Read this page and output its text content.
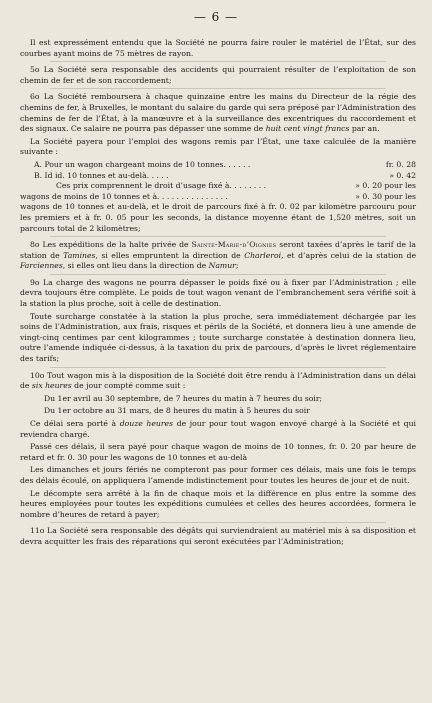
— 6 —

Il est expressément entendu que la Société ne pourra faire rouler le matériel de l’État, sur des courbes ayant moins de 75 mètres de rayon.

5o La Société sera responsable des accidents qui pourraient résulter de l’exploitation de son chemin de fer et de son raccordement;

6o La Société remboursera à chaque quinzaine entre les mains du Directeur de la régie des chemins de fer, à Bruxelles, le montant du salaire du garde qui sera préposé par l’Administration des chemins de fer de l’État, à la manœuvre et à la surveillance des excentriques du raccordement et des signaux. Ce salaire ne pourra pas dépasser une somme de huit cent vingt francs par an.

La Société payera pour l’emploi des wagons remis par l’État, une taxe calculée de la manière suivante :

A. Pour un wagon chargeant moins de 10 tonnes. . . . . .	fr. 0. 28
B. Id id. 10 tonnes et au-delà. . . . .	» 0. 42
Ces prix comprennent le droit d’usage fixé à. . . . . . . .	» 0. 20 pour les
wagons de moins de 10 tonnes et à. . . . . . . . . . . . . . .	» 0. 30 pour les

wagons de 10 tonnes et au-delà, et le droit de parcours fixé à fr. 0. 02 par kilomètre parcouru pour les premiers et à fr. 0. 05 pour les seconds, la distance moyenne étant de 1,520 mètres, soit un parcours total de 2 kilomètres;

8o Les expéditions de la halte privée de Sainte-Marie-d’Oignies seront taxées d’après le tarif de la station de Tamines, si elles empruntent la direction de Charleroi, et d’après celui de la station de Farciennes, si elles ont lieu dans la direction de Namur;

9o La charge des wagons ne pourra dépasser le poids fixé ou à fixer par l’Administration ; elle devra toujours être complète. Le poids de tout wagon venant de l’embranchement sera vérifié soit à la station la plus proche, soit à celle de destination.

Toute surcharge constatée à la station la plus proche, sera immédiatement déchargée par les soins de l’Administration, aux frais, risques et périls de la Société, et donnera lieu à une amende de vingt-cinq centimes par cent kilogrammes ; toute surcharge constatée à destination donnera lieu, outre l’amende indiquée ci-dessus, à la taxation du prix de parcours, d’après le livret réglementaire des tarifs;

10o Tout wagon mis à la disposition de la Société doit être rendu à l’Administration dans un délai de six heures de jour compté comme suit :

Du 1er avril au 30 septembre, de 7 heures du matin à 7 heures du soir;

Du 1er octobre au 31 mars, de 8 heures du matin à 5 heures du soir

Ce délai sera porté à douze heures de jour pour tout wagon envoyé chargé à la Société et qui reviendra chargé.

Passé ces délais, il sera payé pour chaque wagon de moins de 10 tonnes, fr. 0. 20 par heure de retard et fr. 0. 30 pour les wagons de 10 tonnes et au-delà

Les dimanches et jours fériés ne compteront pas pour former ces délais, mais une fois le temps des délais écoulé, on appliquera l’amende indistinctement pour toutes les heures de jour et de nuit.

Le décompte sera arrêté à la fin de chaque mois et la différence en plus entre la somme des heures employées pour toutes les expéditions cumulées et celles des heures accordées, formera le nombre d’heures de retard à payer;

11o La Société sera responsable des dégâts qui surviendraient au matériel mis à sa disposition et devra acquitter les frais des réparations qui seront exécutées par l’Administration;
